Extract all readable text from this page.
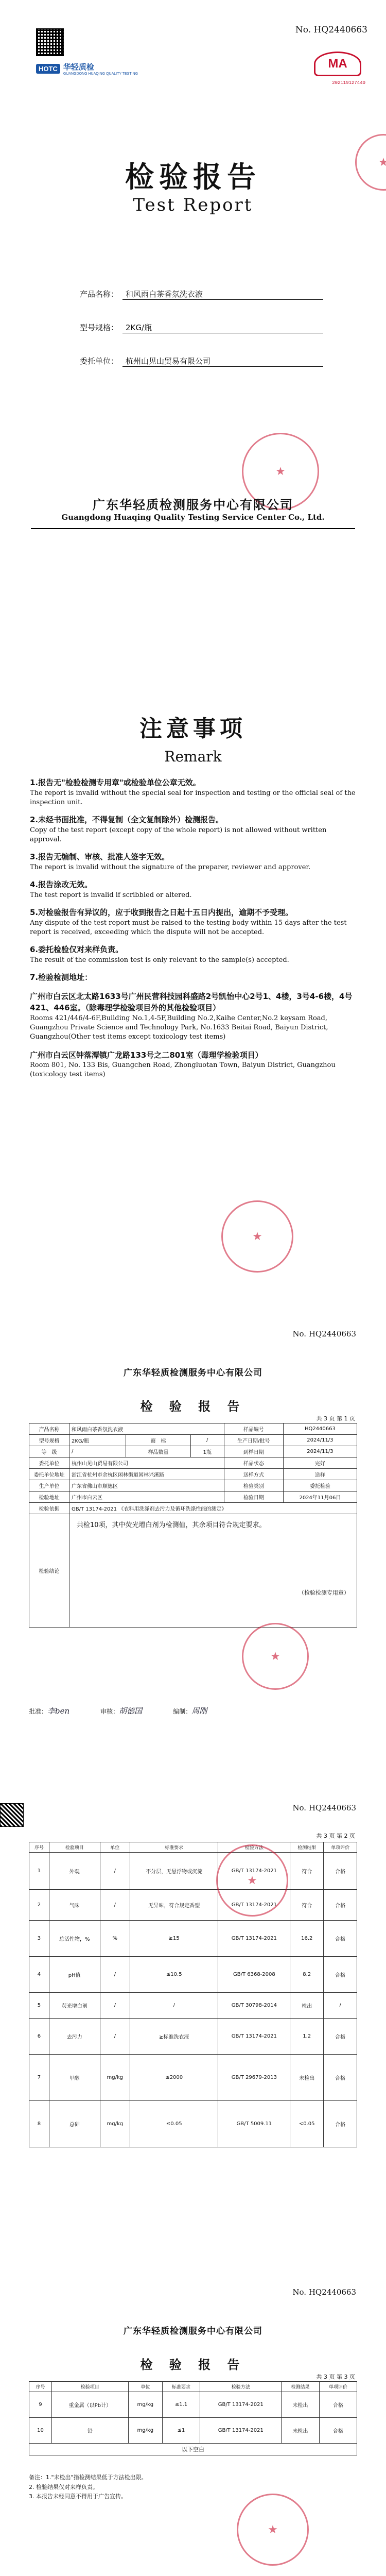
No. HQ2440663
HOTC 华轻质检
GUANGDONG HUAQING QUALITY TESTING
MA
202119127440
检验报告
Test Report
产品名称： 和风雨白茶香氛洗衣液
型号规格： 2KG/瓶
委托单位： 杭州山见山贸易有限公司
★
★
广东华轻质检测服务中心有限公司
Guangdong Huaqing Quality Testing Service Center Co., Ltd.
注意事项
Remark
1.报告无"检验检测专用章"或检验单位公章无效。
The report is invalid without the special seal for inspection and testing or the official seal of the inspection unit.
2.未经书面批准，不得复制（全文复制除外）检测报告。
Copy of the test report (except copy of the whole report) is not allowed without written approval.
3.报告无编制、审核、批准人签字无效。
The report is invalid without the signature of the preparer, reviewer and approver.
4.报告涂改无效。
The test report is invalid if scribbled or altered.
5.对检验报告有异议的，应于收到报告之日起十五日内提出，逾期不予受理。
Any dispute of the test report must be raised to the testing body within 15 days after the test report is received, exceeding which the dispute will not be accepted.
6.委托检验仅对来样负责。
The result of the commission test is only relevant to the sample(s) accepted.
7.检验检测地址：
广州市白云区北太路1633号广州民营科技园科盛路2号凯怡中心2号1、4楼，3号4-6楼，4号421、446室。（除毒理学检验项目外的其他检验项目）
Rooms 421/446/4-6F,Building No.1,4-5F,Building No.2,Kaihe Center,No.2 keysam Road, Guangzhou Private Science and Technology Park, No.1633 Beitai Road, Baiyun District, Guangzhou(Other test items except toxicology test items)
广州市白云区钟落潭镇广龙路133号之二801室（毒理学检验项目）
Room 801, No. 133 Bis, Guangchen Road, Zhongluotan Town, Baiyun District, Guangzhou (toxicology test items)
★
No. HQ2440663
广东华轻质检测服务中心有限公司
检 验 报 告
共 3 页 第 1 页
产品名称	和风雨白茶香氛洗衣液			样品编号	HQ2440663
型号规格	2KG/瓶	商　标	/	生产日期/批号	2024/11/3
等　级	/	样品数量	1瓶	到样日期	2024/11/3
委托单位	杭州山见山贸易有限公司			样品状态	完好
委托单位地址	浙江省杭州市余杭区闲林街道闲林兴溪路			送样方式	送样
生产单位	广东省佛山市顺德区			检验类别	委托检验
检验地址	广州市白云区			检验日期	2024年11月06日
检验依据	GB/T 13174-2021 《衣料用洗涤剂去污力及循环洗涤性能的测定》				
检验结论	共检10项，其中荧光增白剂为检测值，其余项目符合规定要求。
（检验检测专用章）				
★
批准：李ben	审核：胡德国	编制：周刚
No. HQ2440663
共 3 页 第 2 页
序号	检验项目	单位	标准要求	检验方法	检测结果	单项评价
1	外观	/	不分层，无悬浮物或沉淀	GB/T 13174-2021	符合	合格
2	气味	/	无异味，符合规定香型	GB/T 13174-2021	符合	合格
3	总活性物，%	%	≥15	GB/T 13174-2021	16.2	合格
4	pH值	/	≤10.5	GB/T 6368-2008	8.2	合格
5	荧光增白剂	/	/	GB/T 30798-2014	检出	/
6	去污力	/	≥标准洗衣液	GB/T 13174-2021	1.2	合格
7	甲醇	mg/kg	≤2000	GB/T 29679-2013	未检出	合格
8	总砷	mg/kg	≤0.05	GB/T 5009.11	<0.05	合格
★
No. HQ2440663
广东华轻质检测服务中心有限公司
检 验 报 告
共 3 页 第 3 页
序号	检验项目	单位	标准要求	检验方法	检测结果	单项评价
9	重金属（以Pb计）	mg/kg	≤1.1	GB/T 13174-2021	未检出	合格
10	铅	mg/kg	≤1	GB/T 13174-2021	未检出	合格
以下空白						
备注：1."未检出"指检测结果低于方法检出限。
2. 检验结果仅对来样负责。
3. 本报告未经同意不得用于广告宣传。
★
